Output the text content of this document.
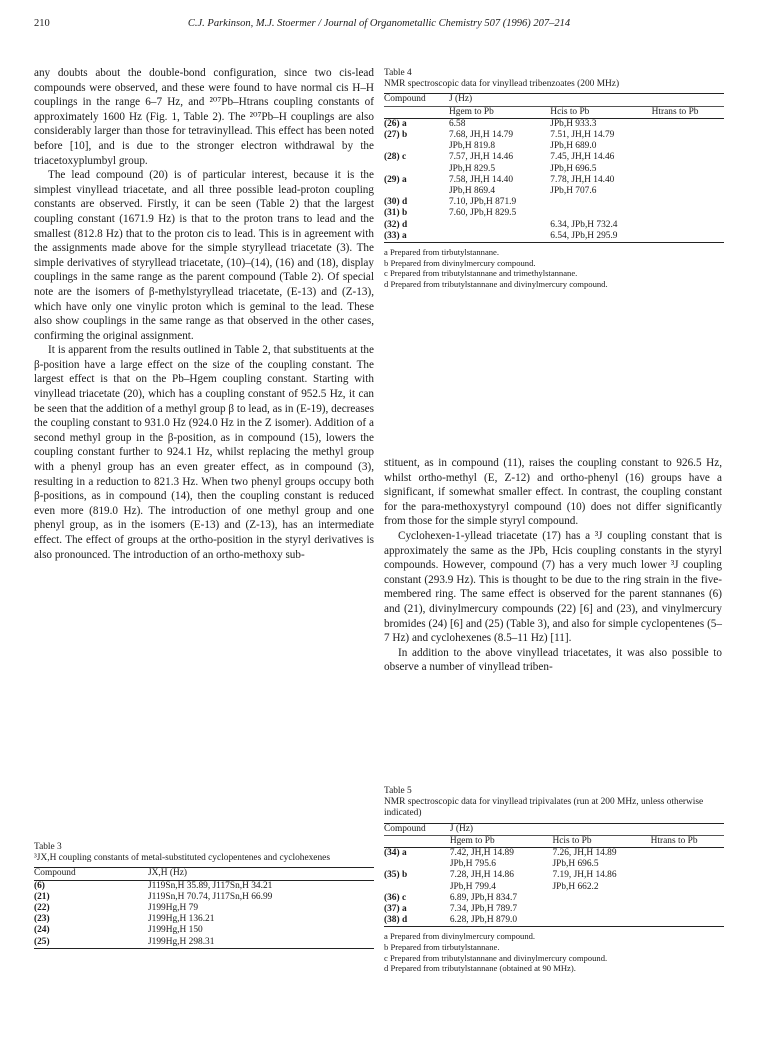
210	C.J. Parkinson, M.J. Stoermer / Journal of Organometallic Chemistry 507 (1996) 207–214

any doubts about the double-bond configuration, since two cis-lead compounds were observed, and these were found to have normal cis H–H couplings in the range 6–7 Hz, and ²⁰⁷Pb–Htrans coupling constants of approximately 1600 Hz (Fig. 1, Table 2). The ²⁰⁷Pb–H couplings are also considerably larger than those for tetravinyllead. This effect has been noted before [10], and is due to the stronger electron withdrawal by the triacetoxyplumbyl group.

The lead compound (20) is of particular interest, because it is the simplest vinyllead triacetate, and all three possible lead-proton coupling constants are observed. Firstly, it can be seen (Table 2) that the largest coupling constant (1671.9 Hz) is that to the proton trans to lead and the smallest (812.8 Hz) that to the proton cis to lead. This is in agreement with the assignments made above for the simple styryllead triacetate (3). The simple derivatives of styryllead triacetate, (10)–(14), (16) and (18), display couplings in the same range as the parent compound (Table 2). Of special note are the isomers of β-methylstyryllead triacetate, (E-13) and (Z-13), which have only one vinylic proton which is geminal to the lead. These also show couplings in the same range as that observed in the other cases, confirming the original assignment.

It is apparent from the results outlined in Table 2, that substituents at the β-position have a large effect on the size of the coupling constant. The largest effect is that on the Pb–Hgem coupling constant. Starting with vinyllead triacetate (20), which has a coupling constant of 952.5 Hz, it can be seen that the addition of a methyl group β to lead, as in (E-19), decreases the coupling constant to 931.0 Hz (924.0 Hz in the Z isomer). Addition of a second methyl group in the β-position, as in compound (15), lowers the coupling constant further to 924.1 Hz, whilst replacing the methyl group with a phenyl group has an even greater effect, as in compound (3), resulting in a reduction to 821.3 Hz. When two phenyl groups occupy both β-positions, as in compound (14), then the coupling constant is reduced even more (819.0 Hz). The introduction of one methyl group and one phenyl group, as in the isomers (E-13) and (Z-13), has an intermediate effect. The effect of groups at the ortho-position in the styryl derivatives is also pronounced. The introduction of an ortho-methoxy sub-

stituent, as in compound (11), raises the coupling constant to 926.5 Hz, whilst ortho-methyl (E, Z-12) and ortho-phenyl (16) groups have a significant, if somewhat smaller effect. In contrast, the coupling constant for the para-methoxystyryl compound (10) does not differ significantly from those for the simple styryl compound.

Cyclohexen-1-yllead triacetate (17) has a ³J coupling constant that is approximately the same as the JPb, Hcis coupling constants in the styryl compounds. However, compound (7) has a very much lower ³J coupling constant (293.9 Hz). This is thought to be due to the ring strain in the five-membered ring. The same effect is observed for the parent stannanes (6) and (21), divinylmercury compounds (22) [6] and (23), and vinylmercury bromides (24) [6] and (25) (Table 3), and also for simple cyclopentenes (5–7 Hz) and cyclohexenes (8.5–11 Hz) [11].

In addition to the above vinyllead triacetates, it was also possible to observe a number of vinyllead triben-

Table 4
NMR spectroscopic data for vinyllead tribenzoates (200 MHz)
Compound	J (Hz)		
	Hgem to Pb	Hcis to Pb	Htrans to Pb
(26) a	6.58	JPb,H 933.3	
(27) b	7.68, JH,H 14.79	7.51, JH,H 14.79	
	JPb,H 819.8	JPb,H 689.0	
(28) c	7.57, JH,H 14.46	7.45, JH,H 14.46	
	JPb,H 829.5	JPb,H 696.5	
(29) a	7.58, JH,H 14.40	7.78, JH,H 14.40	
	JPb,H 869.4	JPb,H 707.6	
(30) d	7.10, JPb,H 871.9		
(31) b	7.60, JPb,H 829.5		
(32) d		6.34, JPb,H 732.4	
(33) a		6.54, JPb,H 295.9	
a Prepared from tirbutylstannane.
b Prepared from divinylmercury compound.
c Prepared from tributylstannane and trimethylstannane.
d Prepared from tributylstannane and divinylmercury compound.
Table 5
NMR spectroscopic data for vinyllead tripivalates (run at 200 MHz, unless otherwise indicated)
Compound	J (Hz)		
	Hgem to Pb	Hcis to Pb	Htrans to Pb
(34) a	7.42, JH,H 14.89	7.26, JH,H 14.89	
	JPb,H 795.6	JPb,H 696.5	
(35) b	7.28, JH,H 14.86	7.19, JH,H 14.86	
	JPb,H 799.4	JPb,H 662.2	
(36) c	6.89, JPb,H 834.7		
(37) a	7.34, JPb,H 789.7		
(38) d	6.28, JPb,H 879.0		
a Prepared from divinylmercury compound.
b Prepared from tirbutylstannane.
c Prepared from tributylstannane and divinylmercury compound.
d Prepared from tributylstannane (obtained at 90 MHz).
Table 3
³JX,H coupling constants of metal-substituted cyclopentenes and cyclohexenes
Compound	JX,H (Hz)
(6)	J119Sn,H 35.89, J117Sn,H 34.21
(21)	J119Sn,H 70.74, J117Sn,H 66.99
(22)	J199Hg,H 79
(23)	J199Hg,H 136.21
(24)	J199Hg,H 150
(25)	J199Hg,H 298.31
